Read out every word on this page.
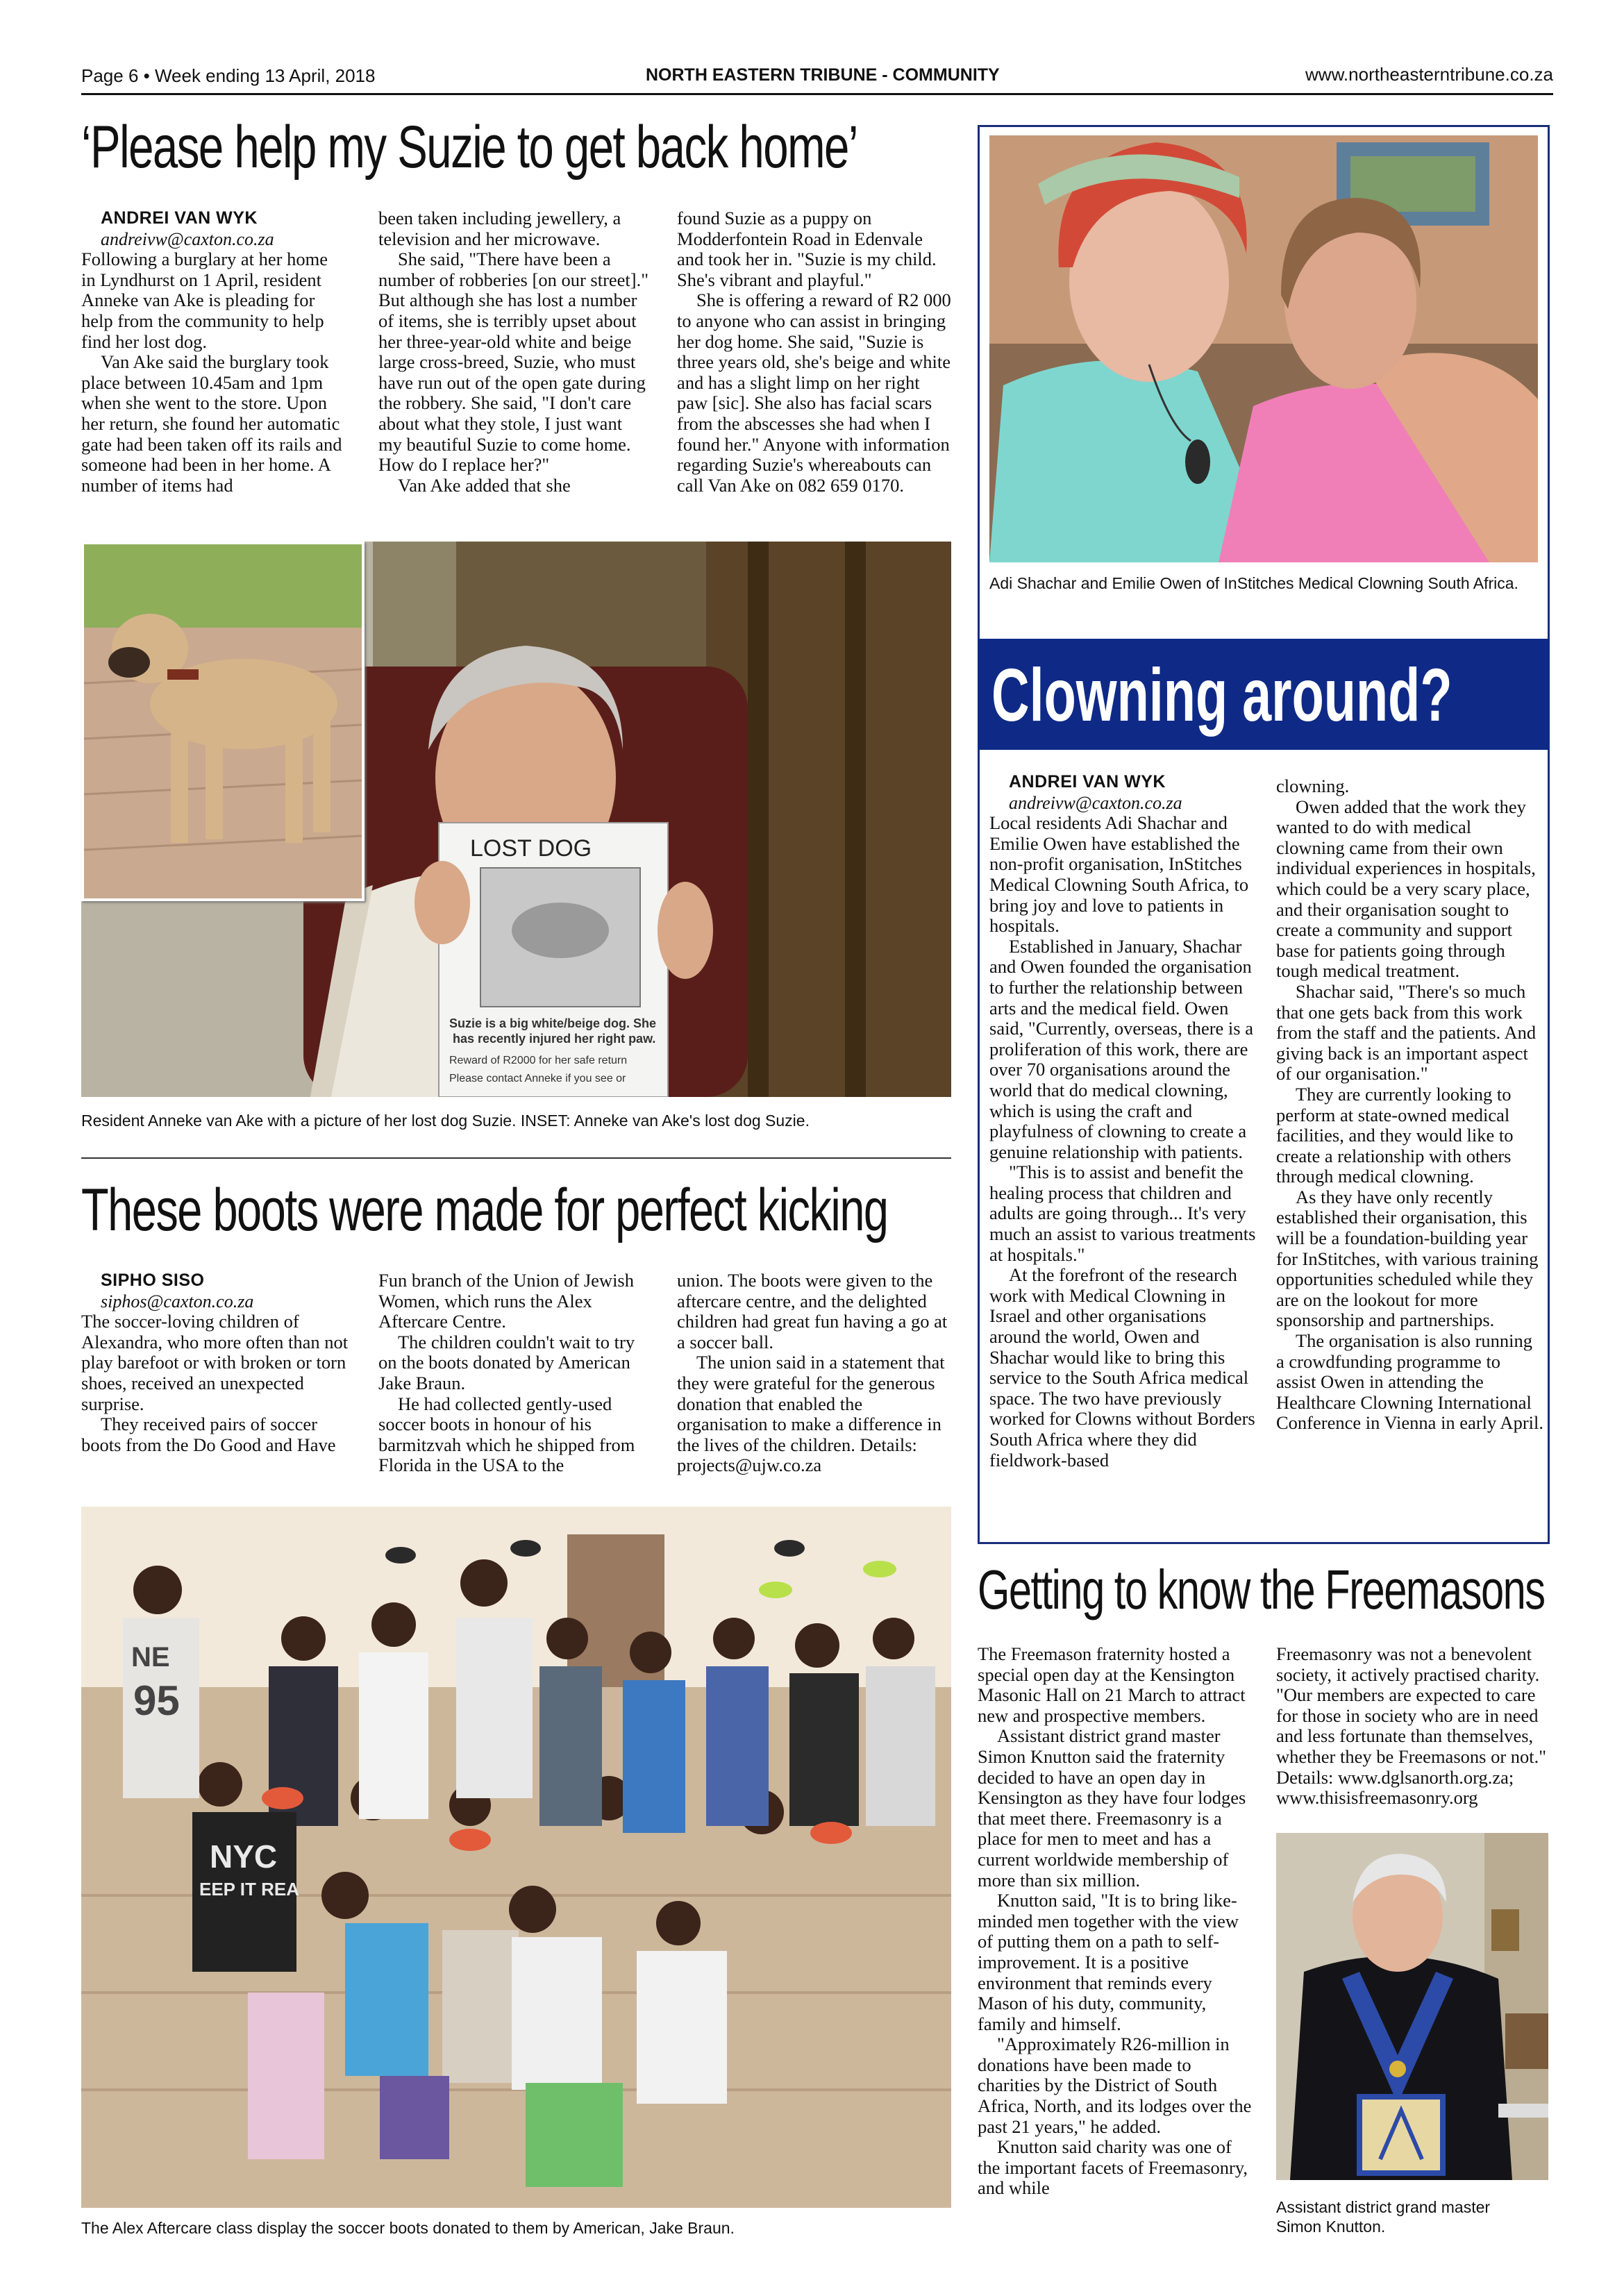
Page 6 • Week ending 13 April, 2018	NORTH EASTERN TRIBUNE - COMMUNITY	www.northeasterntribune.co.za
‘Please help my Suzie to get back home’

ANDREI VAN WYK

andreivw@caxton.co.za

Following a burglary at her home in Lyndhurst on 1 April, resident Anneke van Ake is pleading for help from the community to help find her lost dog.

Van Ake said the burglary took place between 10.45am and 1pm when she went to the store. Upon her return, she found her automatic gate had been taken off its rails and someone had been in her home. A number of items had

been taken including jewellery, a television and her microwave.

She said, "There have been a number of robberies [on our street]." But although she has lost a number of items, she is terribly upset about her three-year-old white and beige large cross-breed, Suzie, who must have run out of the open gate during the robbery. She said, "I don't care about what they stole, I just want my beautiful Suzie to come home. How do I replace her?"

Van Ake added that she

found Suzie as a puppy on Modderfontein Road in Edenvale and took her in. "Suzie is my child. She's vibrant and playful."

She is offering a reward of R2 000 to anyone who can assist in bringing her dog home. She said, "Suzie is three years old, she's beige and white and has a slight limp on her right paw [sic]. She also has facial scars from the abscesses she had when I found her." Anyone with information regarding Suzie's whereabouts can call Van Ake on 082 659 0170.

LOST DOG
Suzie is a big white/beige dog. She
has recently injured her right paw.
Reward of R2000 for her safe return
Please contact Anneke if you see or
Resident Anneke van Ake with a picture of her lost dog Suzie. INSET: Anneke van Ake's lost dog Suzie.
These boots were made for perfect kicking

SIPHO SISO

siphos@caxton.co.za

The soccer-loving children of Alexandra, who more often than not play barefoot or with broken or torn shoes, received an unexpected surprise.

They received pairs of soccer boots from the Do Good and Have

Fun branch of the Union of Jewish Women, which runs the Alex Aftercare Centre.

The children couldn't wait to try on the boots donated by American Jake Braun.

He had collected gently-used soccer boots in honour of his barmitzvah which he shipped from Florida in the USA to the

union. The boots were given to the aftercare centre, and the delighted children had great fun having a go at a soccer ball.

The union said in a statement that they were grateful for the generous donation that enabled the organisation to make a difference in the lives of the children. Details: projects@ujw.co.za

NE
95
NYC
EEP IT REA
The Alex Aftercare class display the soccer boots donated to them by American, Jake Braun.
Adi Shachar and Emilie Owen of InStitches Medical Clowning South Africa.
Clowning around?

ANDREI VAN WYK

andreivw@caxton.co.za

Local residents Adi Shachar and Emilie Owen have established the non-profit organisation, InStitches Medical Clowning South Africa, to bring joy and love to patients in hospitals.

Established in January, Shachar and Owen founded the organisation to further the relationship between arts and the medical field. Owen said, "Currently, overseas, there is a proliferation of this work, there are over 70 organisations around the world that do medical clowning, which is using the craft and playfulness of clowning to create a genuine relationship with patients.

"This is to assist and benefit the healing process that children and adults are going through... It's very much an assist to various treatments at hospitals."

At the forefront of the research work with Medical Clowning in Israel and other organisations around the world, Owen and Shachar would like to bring this service to the South Africa medical space. The two have previously worked for Clowns without Borders South Africa where they did fieldwork-based

clowning.

Owen added that the work they wanted to do with medical clowning came from their own individual experiences in hospitals, which could be a very scary place, and their organisation sought to create a community and support base for patients going through tough medical treatment.

Shachar said, "There's so much that one gets back from this work from the staff and the patients. And giving back is an important aspect of our organisation."

They are currently looking to perform at state-owned medical facilities, and they would like to create a relationship with others through medical clowning.

As they have only recently established their organisation, this will be a foundation-building year for InStitches, with various training opportunities scheduled while they are on the lookout for more sponsorship and partnerships.

The organisation is also running a crowdfunding programme to assist Owen in attending the Healthcare Clowning International Conference in Vienna in early April.

Getting to know the Freemasons

The Freemason fraternity hosted a special open day at the Kensington Masonic Hall on 21 March to attract new and prospective members.

Assistant district grand master Simon Knutton said the fraternity decided to have an open day in Kensington as they have four lodges that meet there. Freemasonry is a place for men to meet and has a current worldwide membership of more than six million.

Knutton said, "It is to bring like-minded men together with the view of putting them on a path to self-improvement. It is a positive environment that reminds every Mason of his duty, community, family and himself.

"Approximately R26-million in donations have been made to charities by the District of South Africa, North, and its lodges over the past 21 years," he added.

Knutton said charity was one of the important facets of Freemasonry, and while

Freemasonry was not a benevolent society, it actively practised charity. "Our members are expected to care for those in society who are in need and less fortunate than themselves, whether they be Freemasons or not." Details: www.dglsanorth.org.za; www.thisisfreemasonry.org

Assistant district grand master
Simon Knutton.
